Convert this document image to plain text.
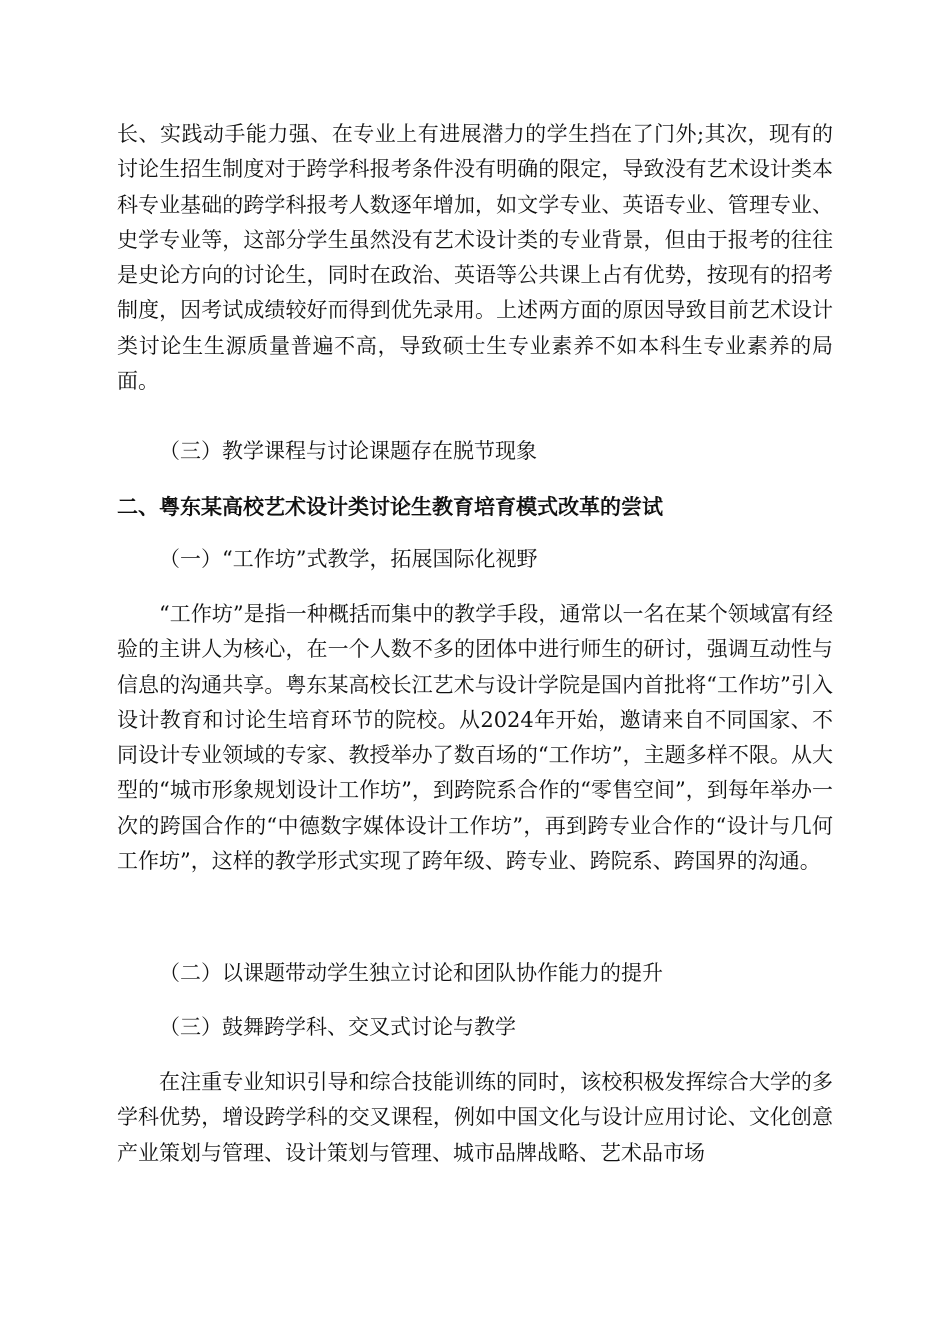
长、实践动手能力强、在专业上有进展潜力的学生挡在了门外;其次，现有的讨论生招生制度对于跨学科报考条件没有明确的限定，导致没有艺术设计类本科专业基础的跨学科报考人数逐年增加，如文学专业、英语专业、管理专业、史学专业等，这部分学生虽然没有艺术设计类的专业背景，但由于报考的往往是史论方向的讨论生，同时在政治、英语等公共课上占有优势，按现有的招考制度，因考试成绩较好而得到优先录用。上述两方面的原因导致目前艺术设计类讨论生生源质量普遍不高，导致硕士生专业素养不如本科生专业素养的局面。

（三）教学课程与讨论课题存在脱节现象

二、粤东某高校艺术设计类讨论生教育培育模式改革的尝试

（一）“工作坊”式教学，拓展国际化视野

“工作坊”是指一种概括而集中的教学手段，通常以一名在某个领域富有经验的主讲人为核心，在一个人数不多的团体中进行师生的研讨，强调互动性与信息的沟通共享。粤东某高校长江艺术与设计学院是国内首批将“工作坊”引入设计教育和讨论生培育环节的院校。从2024年开始，邀请来自不同国家、不同设计专业领域的专家、教授举办了数百场的“工作坊”，主题多样不限。从大型的“城市形象规划设计工作坊”，到跨院系合作的“零售空间”，到每年举办一次的跨国合作的“中德数字媒体设计工作坊”，再到跨专业合作的“设计与几何工作坊”，这样的教学形式实现了跨年级、跨专业、跨院系、跨国界的沟通。

（二）以课题带动学生独立讨论和团队协作能力的提升

（三）鼓舞跨学科、交叉式讨论与教学

在注重专业知识引导和综合技能训练的同时，该校积极发挥综合大学的多学科优势，增设跨学科的交叉课程，例如中国文化与设计应用讨论、文化创意产业策划与管理、设计策划与管理、城市品牌战略、艺术品市场
